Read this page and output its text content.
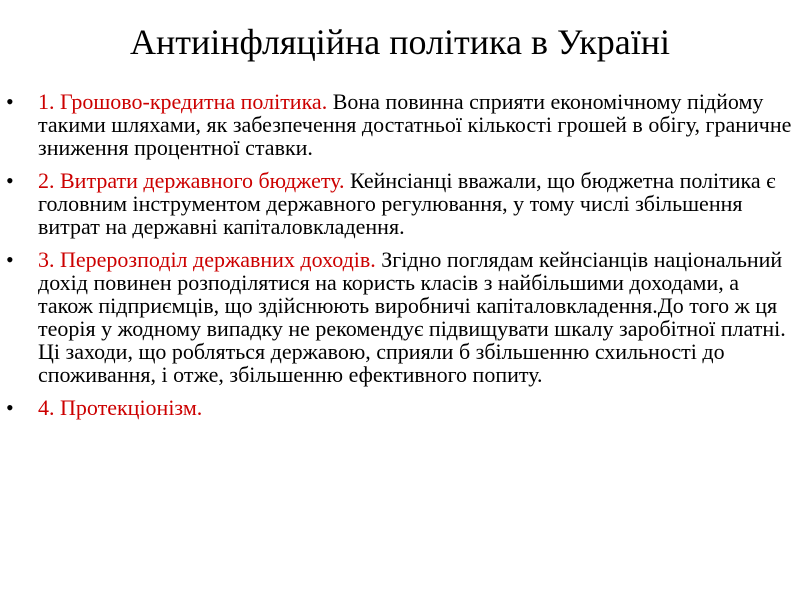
Антиінфляційна політика в Україні
• 1. Грошово-кредитна політика. Вона повинна сприяти економічному підйому такими шляхами, як забезпечення достатньої кількості грошей в обігу, граничне зниження процентної ставки.
• 2. Витрати державного бюджету. Кейнсіанці вважали, що бюджетна політика є головним інструментом державного регулювання, у тому числі збільшення витрат на державні капіталовкладення.
• 3. Перерозподіл державних доходів. Згідно поглядам кейнсіанців національний дохід повинен розподілятися на користь класів з найбільшими доходами, а також підприємців, що здійснюють виробничі капіталовкладення.До того ж ця теорія у жодному випадку не рекомендує підвищувати шкалу заробітної платні. Ці заходи, що робляться державою, сприяли б збільшенню схильності до споживання, і отже, збільшенню ефективного попиту.
• 4. Протекціонізм.
